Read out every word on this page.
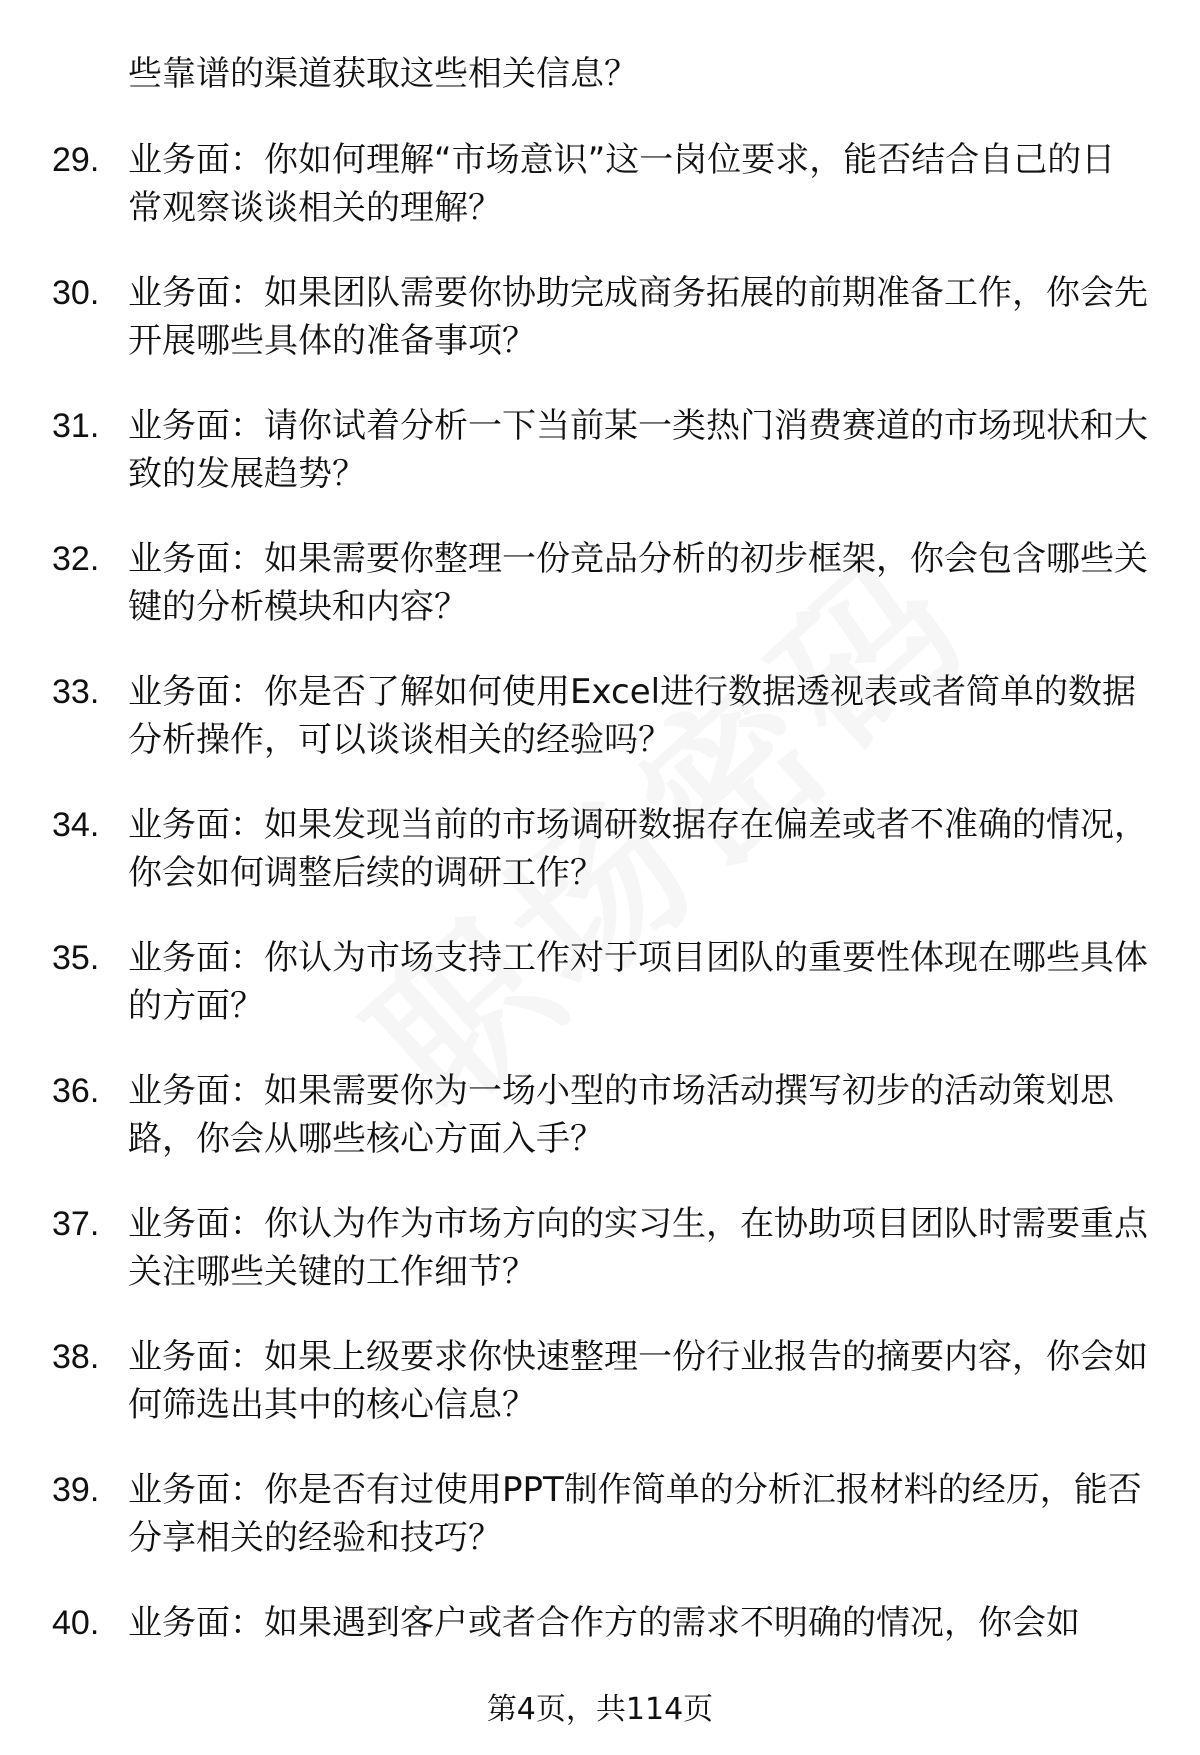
些靠谱的渠道获取这些相关信息？
29. 业务面：你如何理解“市场意识”这一岗位要求，能否结合自己的日常观察谈谈相关的理解？
30. 业务面：如果团队需要你协助完成商务拓展的前期准备工作，你会先开展哪些具体的准备事项？
31. 业务面：请你试着分析一下当前某一类热门消费赛道的市场现状和大致的发展趋势？
32. 业务面：如果需要你整理一份竞品分析的初步框架，你会包含哪些关键的分析模块和内容？
33. 业务面：你是否了解如何使用Excel进行数据透视表或者简单的数据分析操作，可以谈谈相关的经验吗？
34. 业务面：如果发现当前的市场调研数据存在偏差或者不准确的情况，你会如何调整后续的调研工作？
35. 业务面：你认为市场支持工作对于项目团队的重要性体现在哪些具体的方面？
36. 业务面：如果需要你为一场小型的市场活动撰写初步的活动策划思路，你会从哪些核心方面入手？
37. 业务面：你认为作为市场方向的实习生，在协助项目团队时需要重点关注哪些关键的工作细节？
38. 业务面：如果上级要求你快速整理一份行业报告的摘要内容，你会如何筛选出其中的核心信息？
39. 业务面：你是否有过使用PPT制作简单的分析汇报材料的经历，能否分享相关的经验和技巧？
40. 业务面：如果遇到客户或者合作方的需求不明确的情况，你会如
第4页，共114页
